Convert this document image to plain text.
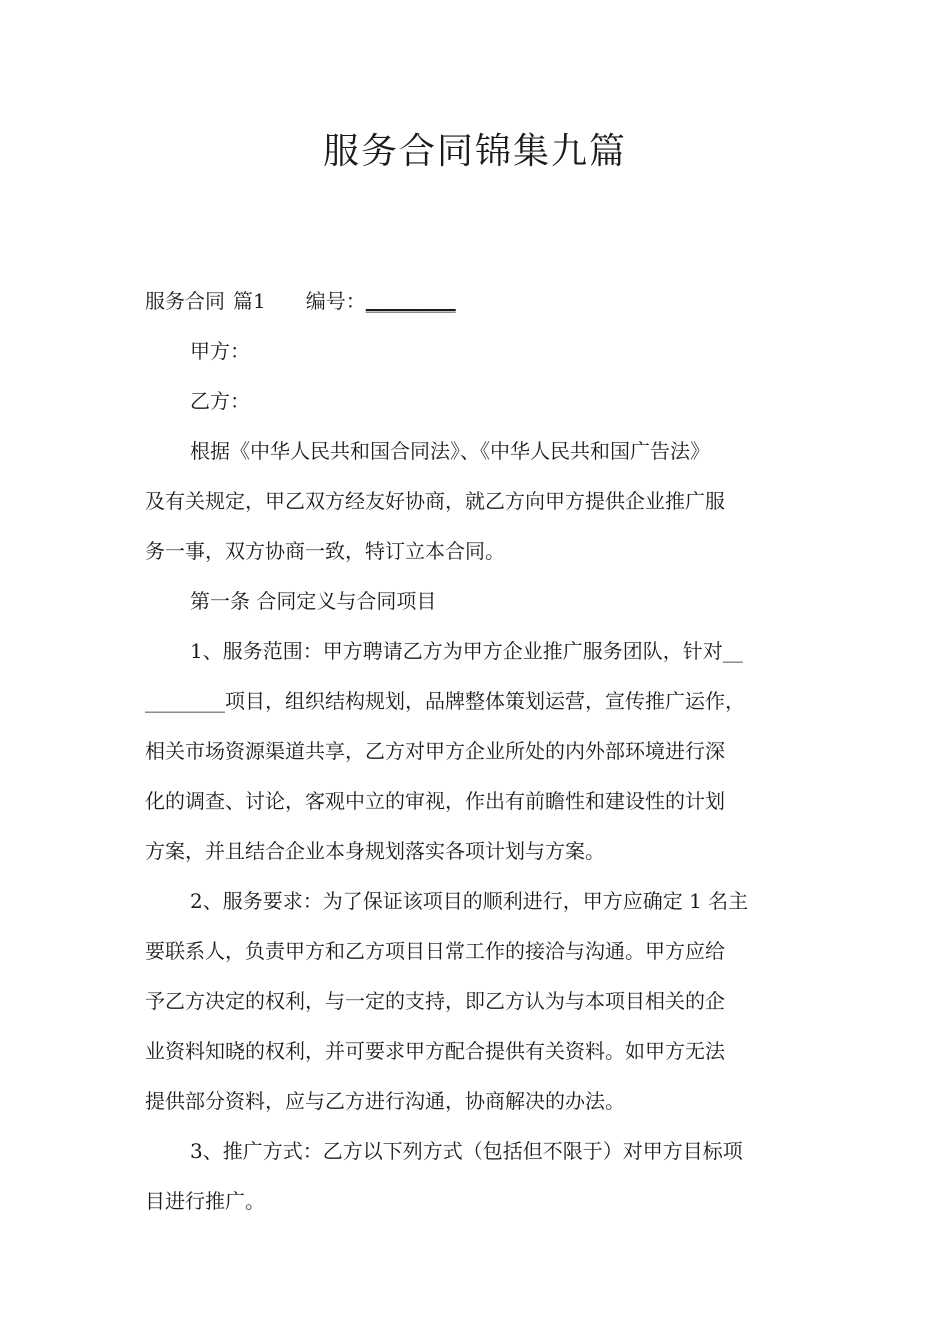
服务合同锦集九篇
服务合同 篇1 编号：_________
甲方：
乙方：
根据《中华人民共和国合同法》、《中华人民共和国广告法》
及有关规定，甲乙双方经友好协商，就乙方向甲方提供企业推广服
务一事，双方协商一致，特订立本合同。
第一条 合同定义与合同项目
1、服务范围：甲方聘请乙方为甲方企业推广服务团队，针对__
________项目，组织结构规划，品牌整体策划运营，宣传推广运作，
相关市场资源渠道共享，乙方对甲方企业所处的内外部环境进行深
化的调查、讨论，客观中立的审视，作出有前瞻性和建设性的计划
方案，并且结合企业本身规划落实各项计划与方案。
2、服务要求：为了保证该项目的顺利进行，甲方应确定 1 名主
要联系人，负责甲方和乙方项目日常工作的接洽与沟通。甲方应给
予乙方决定的权利，与一定的支持，即乙方认为与本项目相关的企
业资料知晓的权利，并可要求甲方配合提供有关资料。如甲方无法
提供部分资料，应与乙方进行沟通，协商解决的办法。
3、推广方式：乙方以下列方式（包括但不限于）对甲方目标项
目进行推广。
